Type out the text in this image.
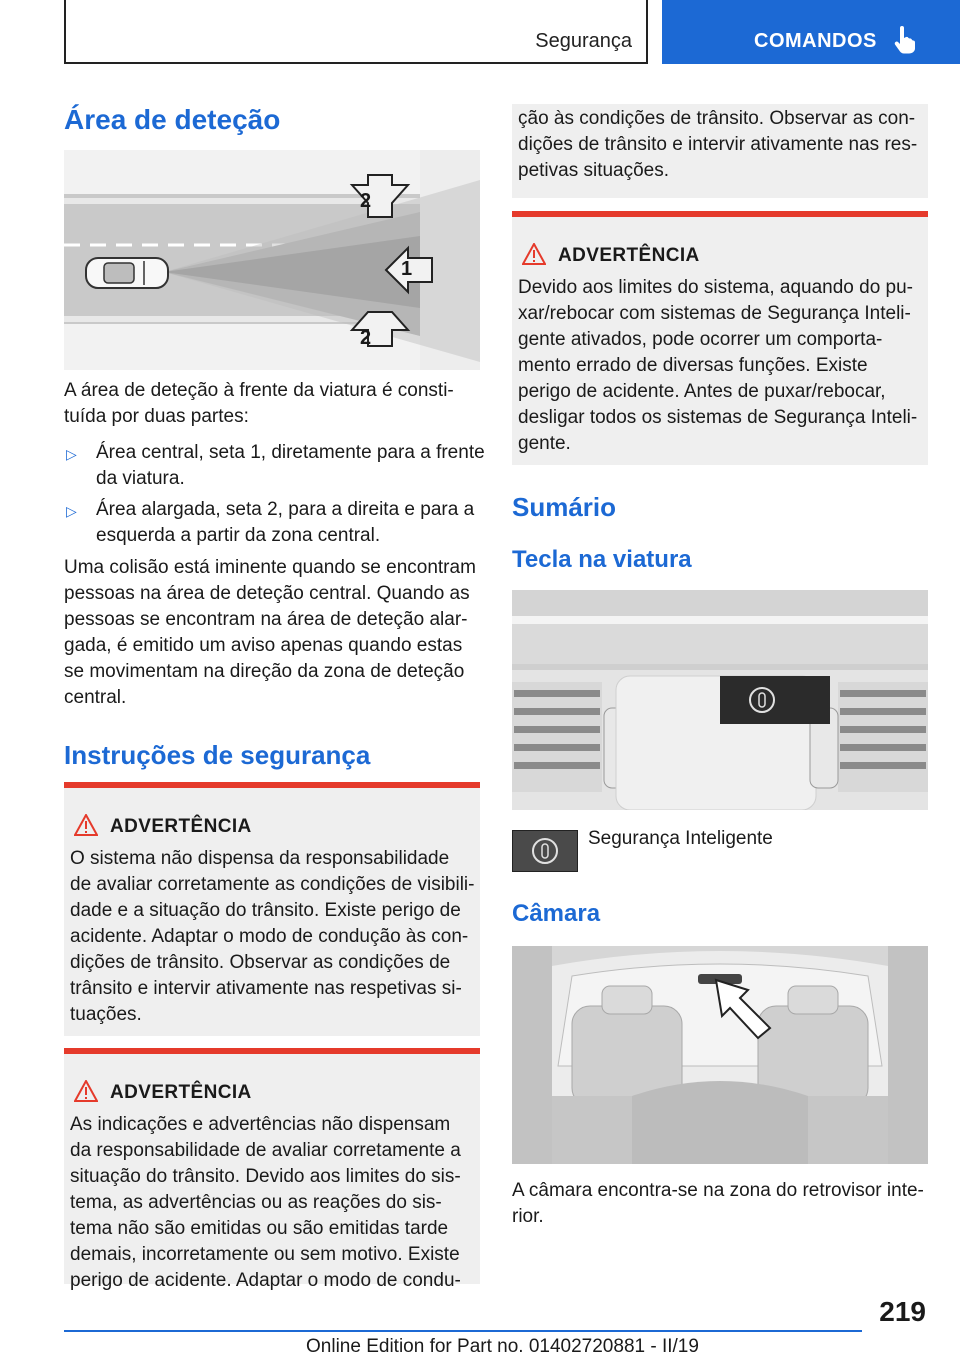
Segurança	COMANDOS
Área de deteção
2
1
2

A área de deteção à frente da viatura é consti-

tuída por duas partes:

▷ Área central, seta 1, diretamente para a frente

da viatura.

▷ Área alargada, seta 2, para a direita e para a

esquerda a partir da zona central.

Uma colisão está iminente quando se encontram

pessoas na área de deteção central. Quando as

pessoas se encontram na área de deteção alar-

gada, é emitido um aviso apenas quando estas

se movimentam na direção da zona de deteção

central.

Instruções de segurança
ADVERTÊNCIA
O sistema não dispensa da responsabilidade
de avaliar corretamente as condições de visibili-
dade e a situação do trânsito. Existe perigo de
acidente. Adaptar o modo de condução às con-
dições de trânsito. Observar as condições de
trânsito e intervir ativamente nas respetivas si-
tuações.
ADVERTÊNCIA
As indicações e advertências não dispensam
da responsabilidade de avaliar corretamente a
situação do trânsito. Devido aos limites do sis-
tema, as advertências ou as reações do sis-
tema não são emitidas ou são emitidas tarde
demais, incorretamente ou sem motivo. Existe
perigo de acidente. Adaptar o modo de condu-
ção às condições de trânsito. Observar as con-
dições de trânsito e intervir ativamente nas res-
petivas situações.
ADVERTÊNCIA
Devido aos limites do sistema, aquando do pu-
xar/rebocar com sistemas de Segurança Inteli-
gente ativados, pode ocorrer um comporta-
mento errado de diversas funções. Existe
perigo de acidente. Antes de puxar/rebocar,
desligar todos os sistemas de Segurança Inteli-
gente.
Sumário
Tecla na viatura

Segurança Inteligente

Câmara

A câmara encontra-se na zona do retrovisor inte-

rior.

219
Online Edition for Part no. 01402720881 - II/19
